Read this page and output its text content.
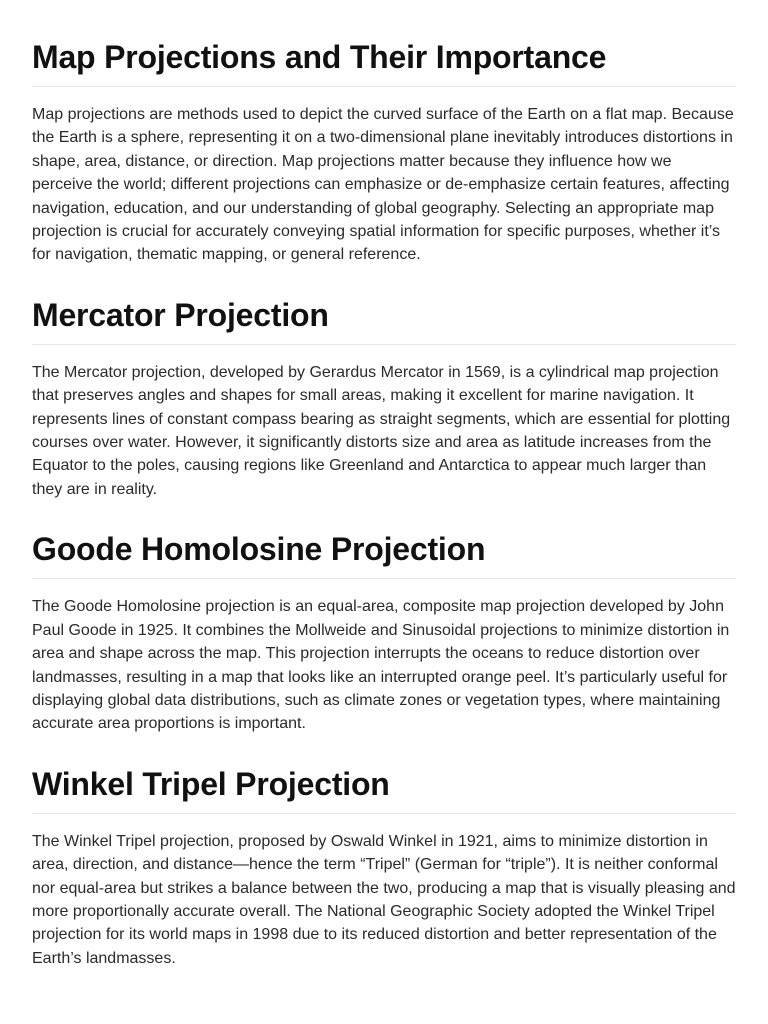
Map Projections and Their Importance

Map projections are methods used to depict the curved surface of the Earth on a flat map. Because the Earth is a sphere, representing it on a two-dimensional plane inevitably introduces distortions in shape, area, distance, or direction. Map projections matter because they influence how we perceive the world; different projections can emphasize or de-emphasize certain features, affecting navigation, education, and our understanding of global geography. Selecting an appropriate map projection is crucial for accurately conveying spatial information for specific purposes, whether it’s for navigation, thematic mapping, or general reference.

Mercator Projection

The Mercator projection, developed by Gerardus Mercator in 1569, is a cylindrical map projection that preserves angles and shapes for small areas, making it excellent for marine navigation. It represents lines of constant compass bearing as straight segments, which are essential for plotting courses over water. However, it significantly distorts size and area as latitude increases from the Equator to the poles, causing regions like Greenland and Antarctica to appear much larger than they are in reality.

Goode Homolosine Projection

The Goode Homolosine projection is an equal-area, composite map projection developed by John Paul Goode in 1925. It combines the Mollweide and Sinusoidal projections to minimize distortion in area and shape across the map. This projection interrupts the oceans to reduce distortion over landmasses, resulting in a map that looks like an interrupted orange peel. It’s particularly useful for displaying global data distributions, such as climate zones or vegetation types, where maintaining accurate area proportions is important.

Winkel Tripel Projection

The Winkel Tripel projection, proposed by Oswald Winkel in 1921, aims to minimize distortion in area, direction, and distance—hence the term “Tripel” (German for “triple”). It is neither conformal nor equal-area but strikes a balance between the two, producing a map that is visually pleasing and more proportionally accurate overall. The National Geographic Society adopted the Winkel Tripel projection for its world maps in 1998 due to its reduced distortion and better representation of the Earth’s landmasses.
